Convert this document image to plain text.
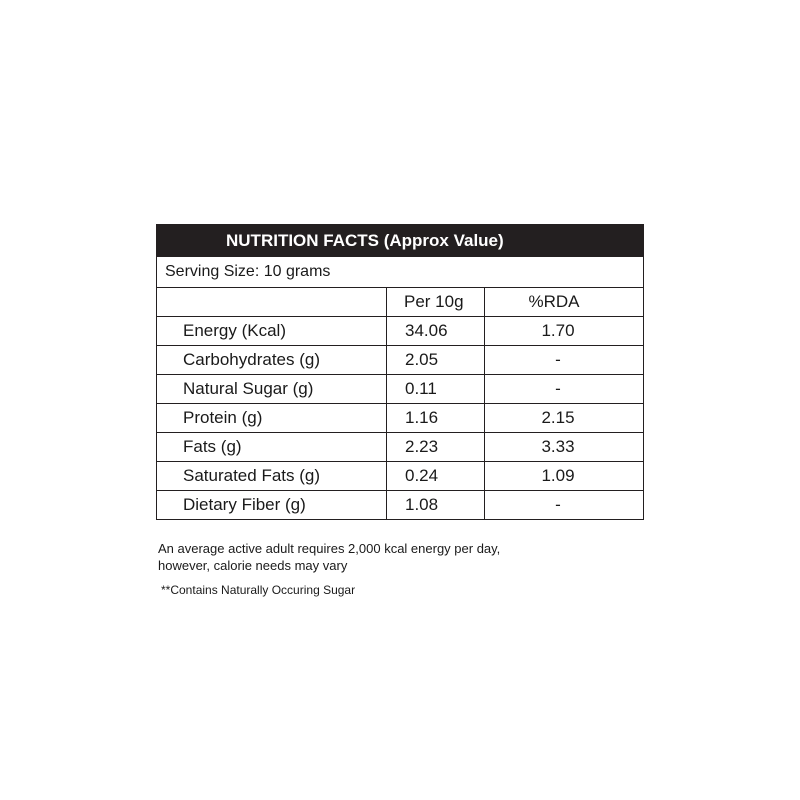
NUTRITION FACTS (Approx Value)		
Serving Size: 10 grams		
	Per 10g	%RDA
Energy (Kcal)	34.06	1.70
Carbohydrates (g)	2.05	-
Natural Sugar (g)	0.11	-
Protein (g)	1.16	2.15
Fats (g)	2.23	3.33
Saturated Fats (g)	0.24	1.09
Dietary Fiber (g)	1.08	-

An average active adult requires 2,000 kcal energy per day,
however, calorie needs may vary

**Contains Naturally Occuring Sugar
